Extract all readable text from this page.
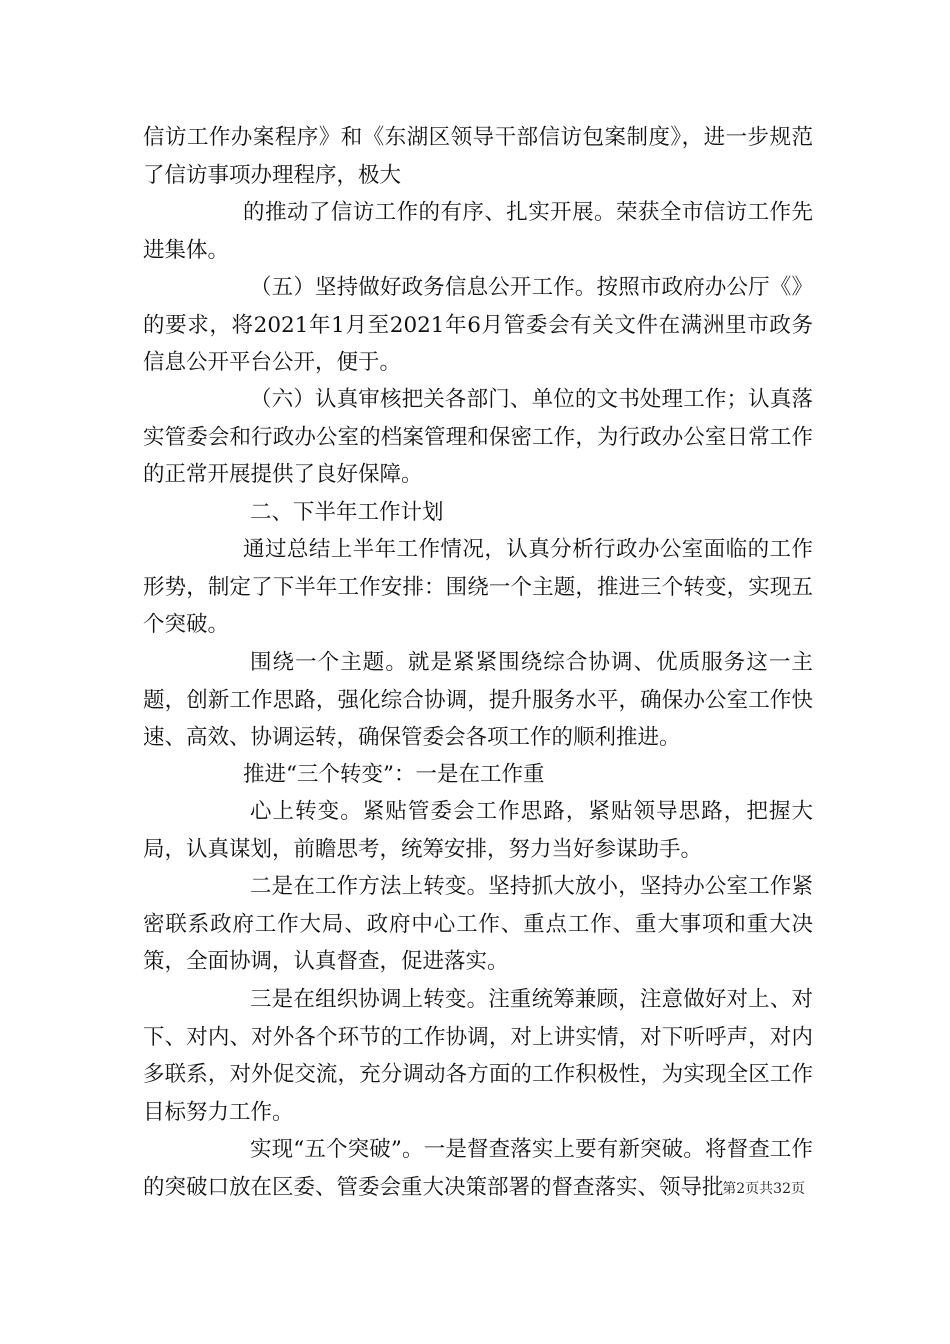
信访工作办案程序》和《东湖区领导干部信访包案制度》，进一步规范了信访事项办理程序，极大

的推动了信访工作的有序、扎实开展。荣获全市信访工作先进集体。

（五）坚持做好政务信息公开工作。按照市政府办公厅《》的要求，将2021年1月至2021年6月管委会有关文件在满洲里市政务信息公开平台公开，便于。

（六）认真审核把关各部门、单位的文书处理工作；认真落实管委会和行政办公室的档案管理和保密工作，为行政办公室日常工作的正常开展提供了良好保障。

二、下半年工作计划

通过总结上半年工作情况，认真分析行政办公室面临的工作形势，制定了下半年工作安排：围绕一个主题，推进三个转变，实现五个突破。

围绕一个主题。就是紧紧围绕综合协调、优质服务这一主题，创新工作思路，强化综合协调，提升服务水平，确保办公室工作快速、高效、协调运转，确保管委会各项工作的顺利推进。

推进“三个转变”：一是在工作重

心上转变。紧贴管委会工作思路，紧贴领导思路，把握大局，认真谋划，前瞻思考，统筹安排，努力当好参谋助手。

二是在工作方法上转变。坚持抓大放小，坚持办公室工作紧密联系政府工作大局、政府中心工作、重点工作、重大事项和重大决策，全面协调，认真督查，促进落实。

三是在组织协调上转变。注重统筹兼顾，注意做好对上、对下、对内、对外各个环节的工作协调，对上讲实情，对下听呼声，对内多联系，对外促交流，充分调动各方面的工作积极性，为实现全区工作目标努力工作。

实现“五个突破”。一是督查落实上要有新突破。将督查工作的突破口放在区委、管委会重大决策部署的督查落实、领导批

第2页共32页
